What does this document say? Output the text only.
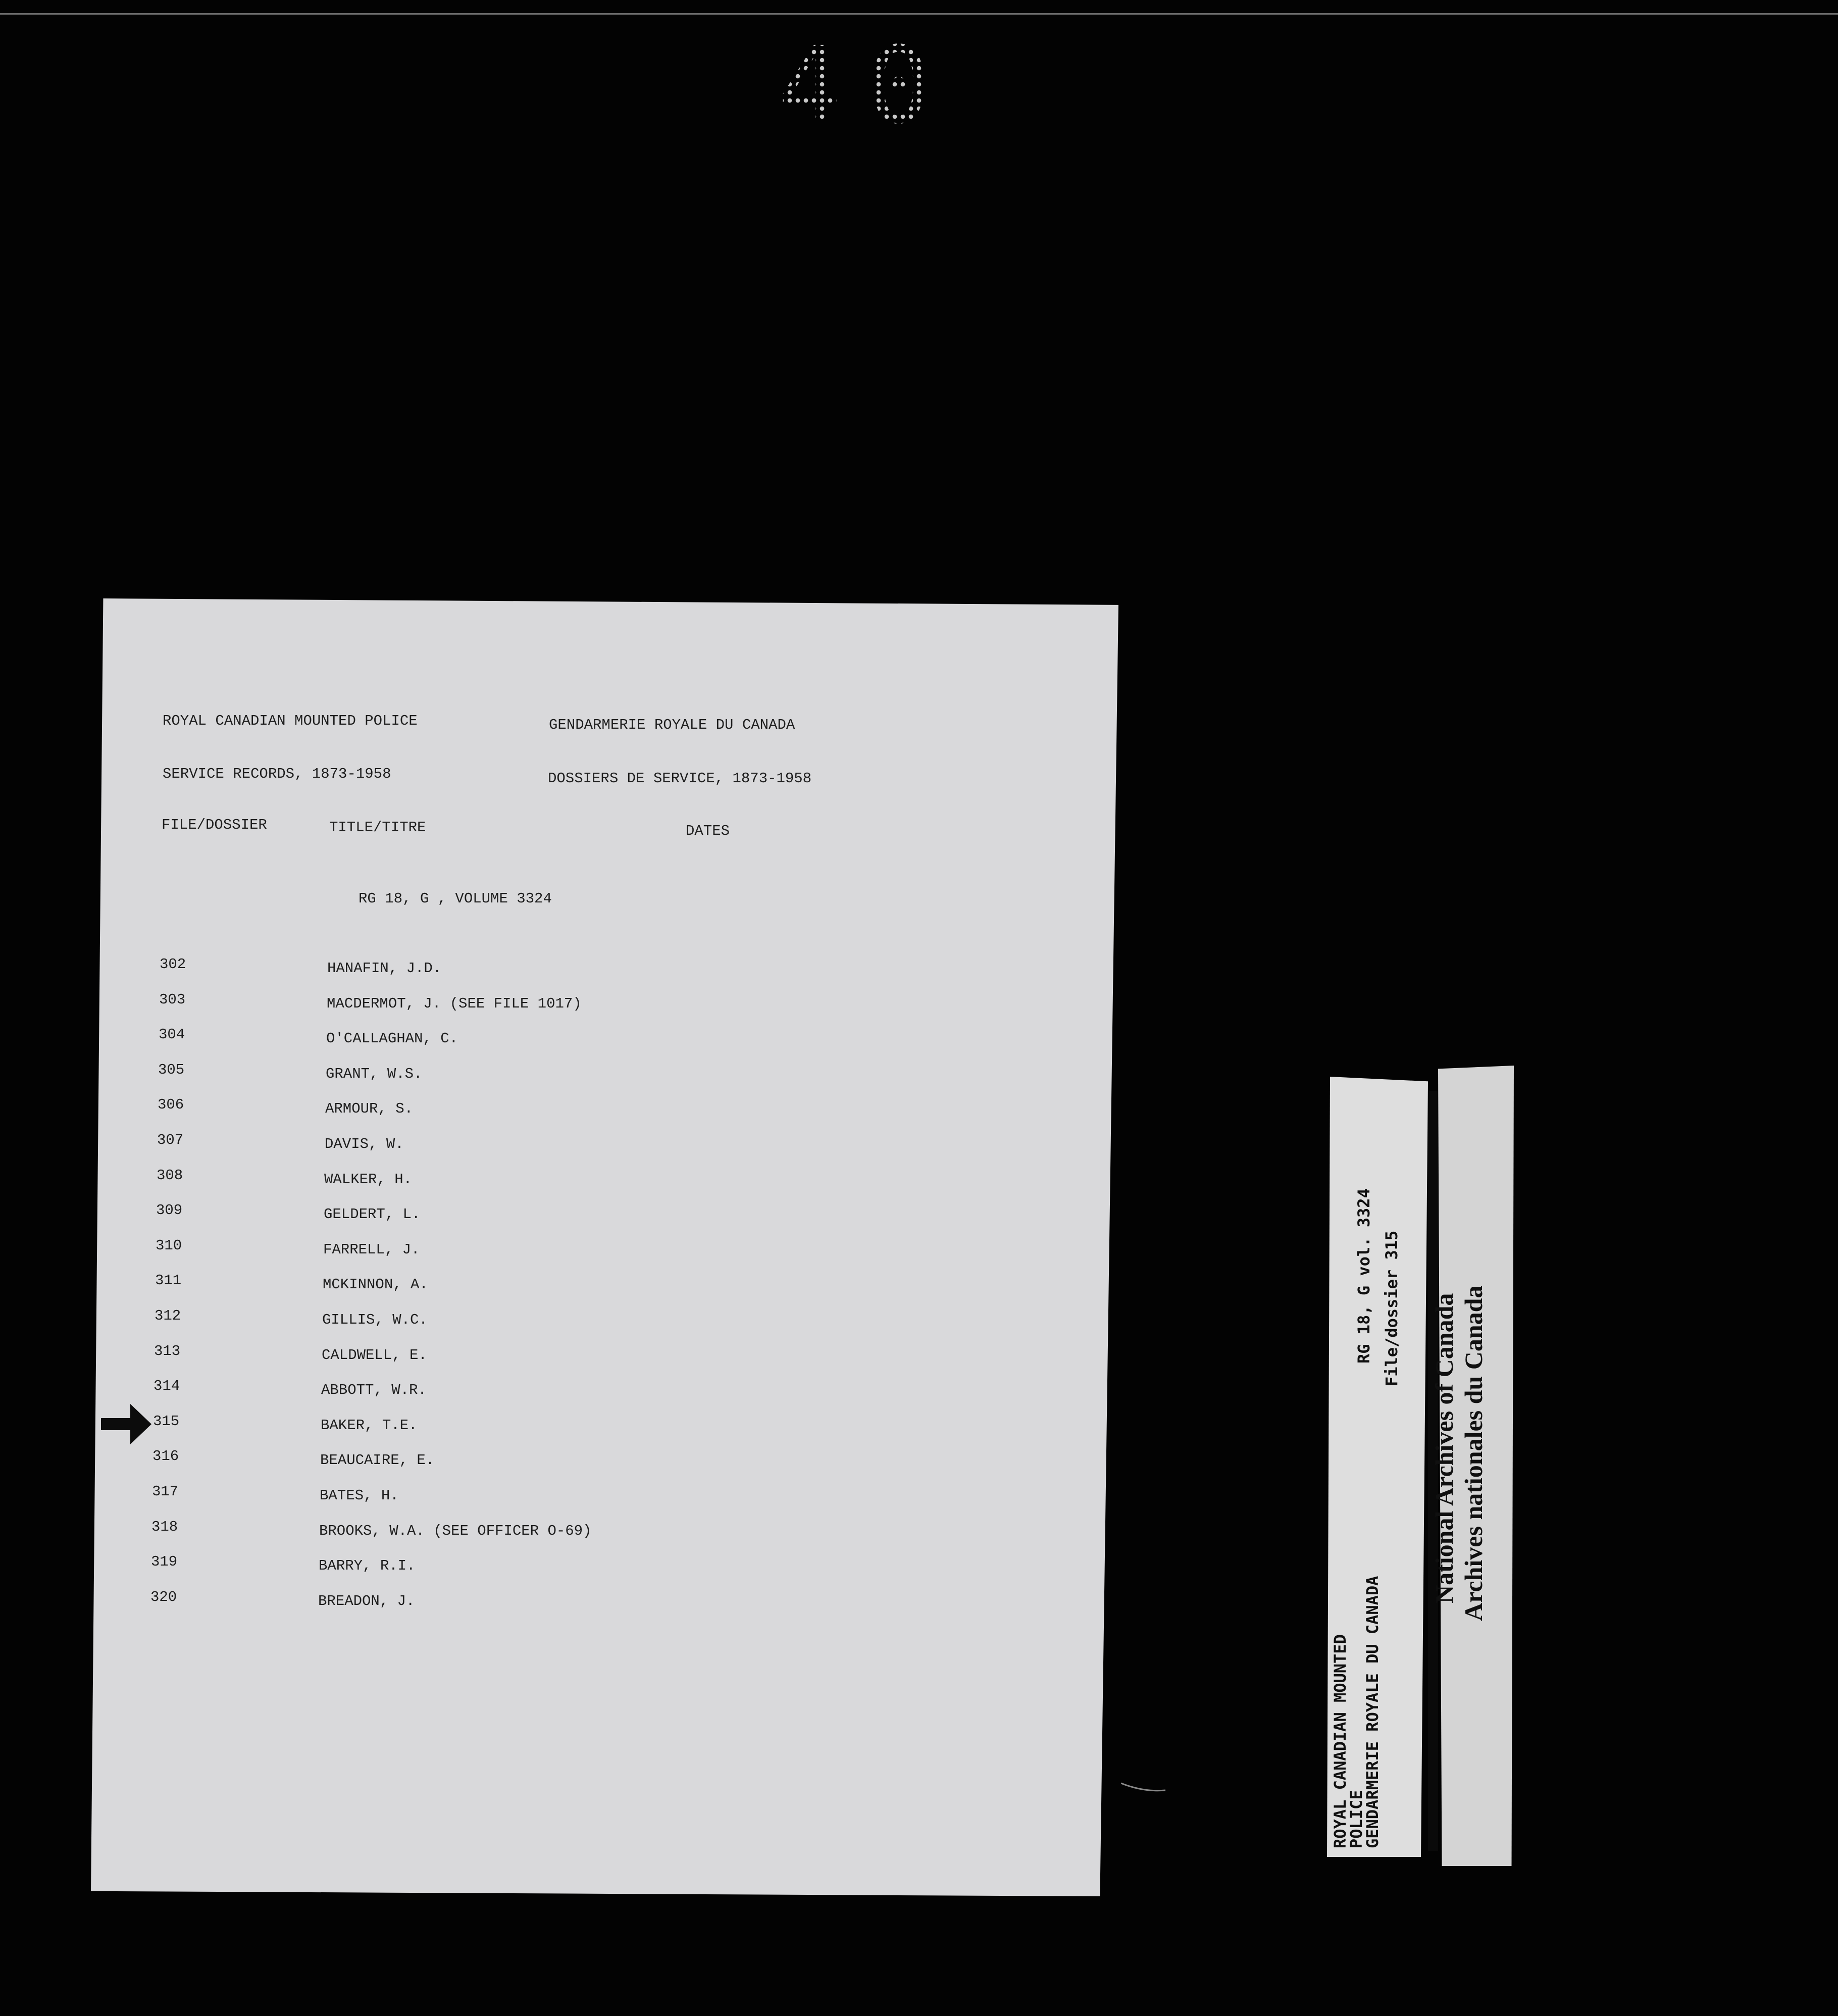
40
ROYAL CANADIAN MOUNTED POLICE	GENDARMERIE ROYALE DU CANADA
SERVICE RECORDS, 1873-1958	DOSSIERS DE SERVICE, 1873-1958
FILE/DOSSIER	TITLE/TITRE	DATES
RG 18, G , VOLUME 3324
302	HANAFIN, J.D.
303	MACDERMOT, J. (SEE FILE 1017)
304	O'CALLAGHAN, C.
305	GRANT, W.S.
306	ARMOUR, S.
307	DAVIS, W.
308	WALKER, H.
309	GELDERT, L.
310	FARRELL, J.
311	MCKINNON, A.
312	GILLIS, W.C.
313	CALDWELL, E.
314	ABBOTT, W.R.
315	BAKER, T.E.
316	BEAUCAIRE, E.
317	BATES, H.
318	BROOKS, W.A. (SEE OFFICER O-69)
319	BARRY, R.I.
320	BREADON, J.
ROYAL CANADIAN MOUNTED
POLICE
GENDARMERIE ROYALE DU CANADA
RG 18, G vol. 3324 File/dossier 315 National Archives of Canada Archives nationales du Canada
